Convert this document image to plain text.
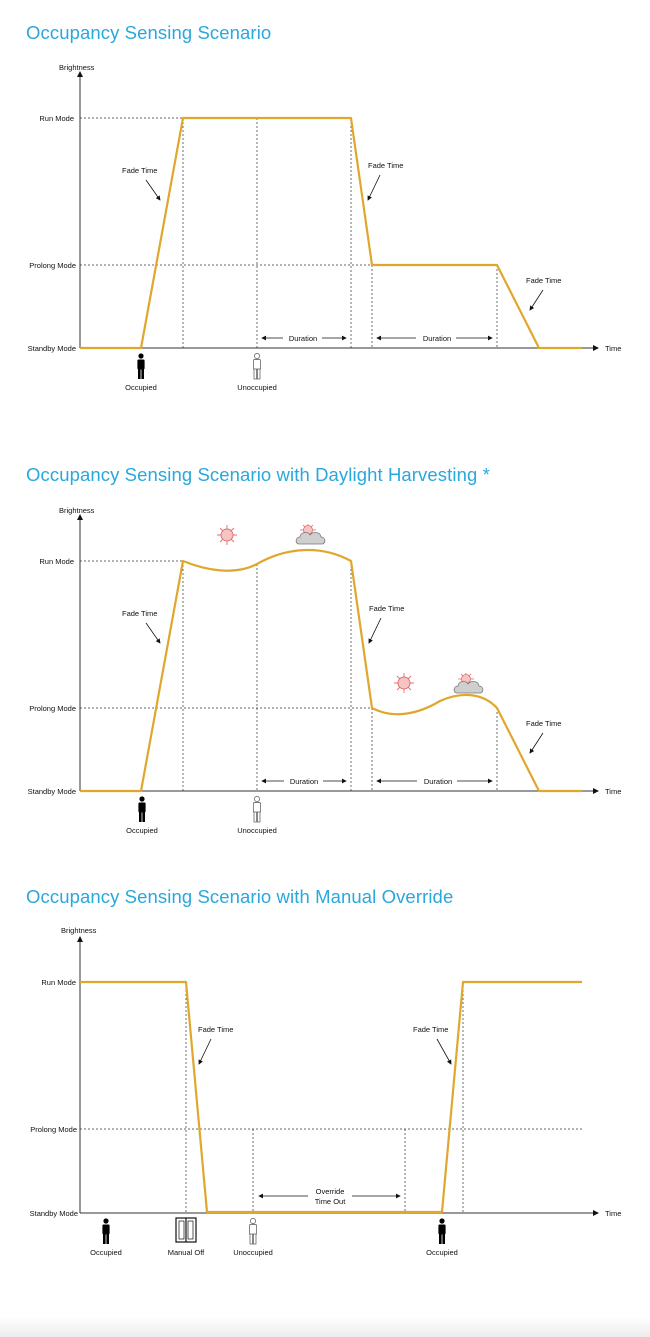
Occupancy Sensing Scenario
Brightness
Time
Run Mode
Prolong Mode
Standby Mode
Fade Time
Fade Time
Fade Time
Duration	Duration
Occupied	Unoccupied
Occupancy Sensing Scenario with Daylight Harvesting *
Brightness
Time
Run Mode
Prolong Mode
Standby Mode
Fade Time
Fade Time
Fade Time
Duration	Duration
Occupied	Unoccupied
Occupancy Sensing Scenario with Manual Override
Brightness
Time
Run Mode
Prolong Mode
Standby Mode
Fade Time	Fade Time
Override
Time Out
Occupied	Manual Off	Unoccupied	Occupied
